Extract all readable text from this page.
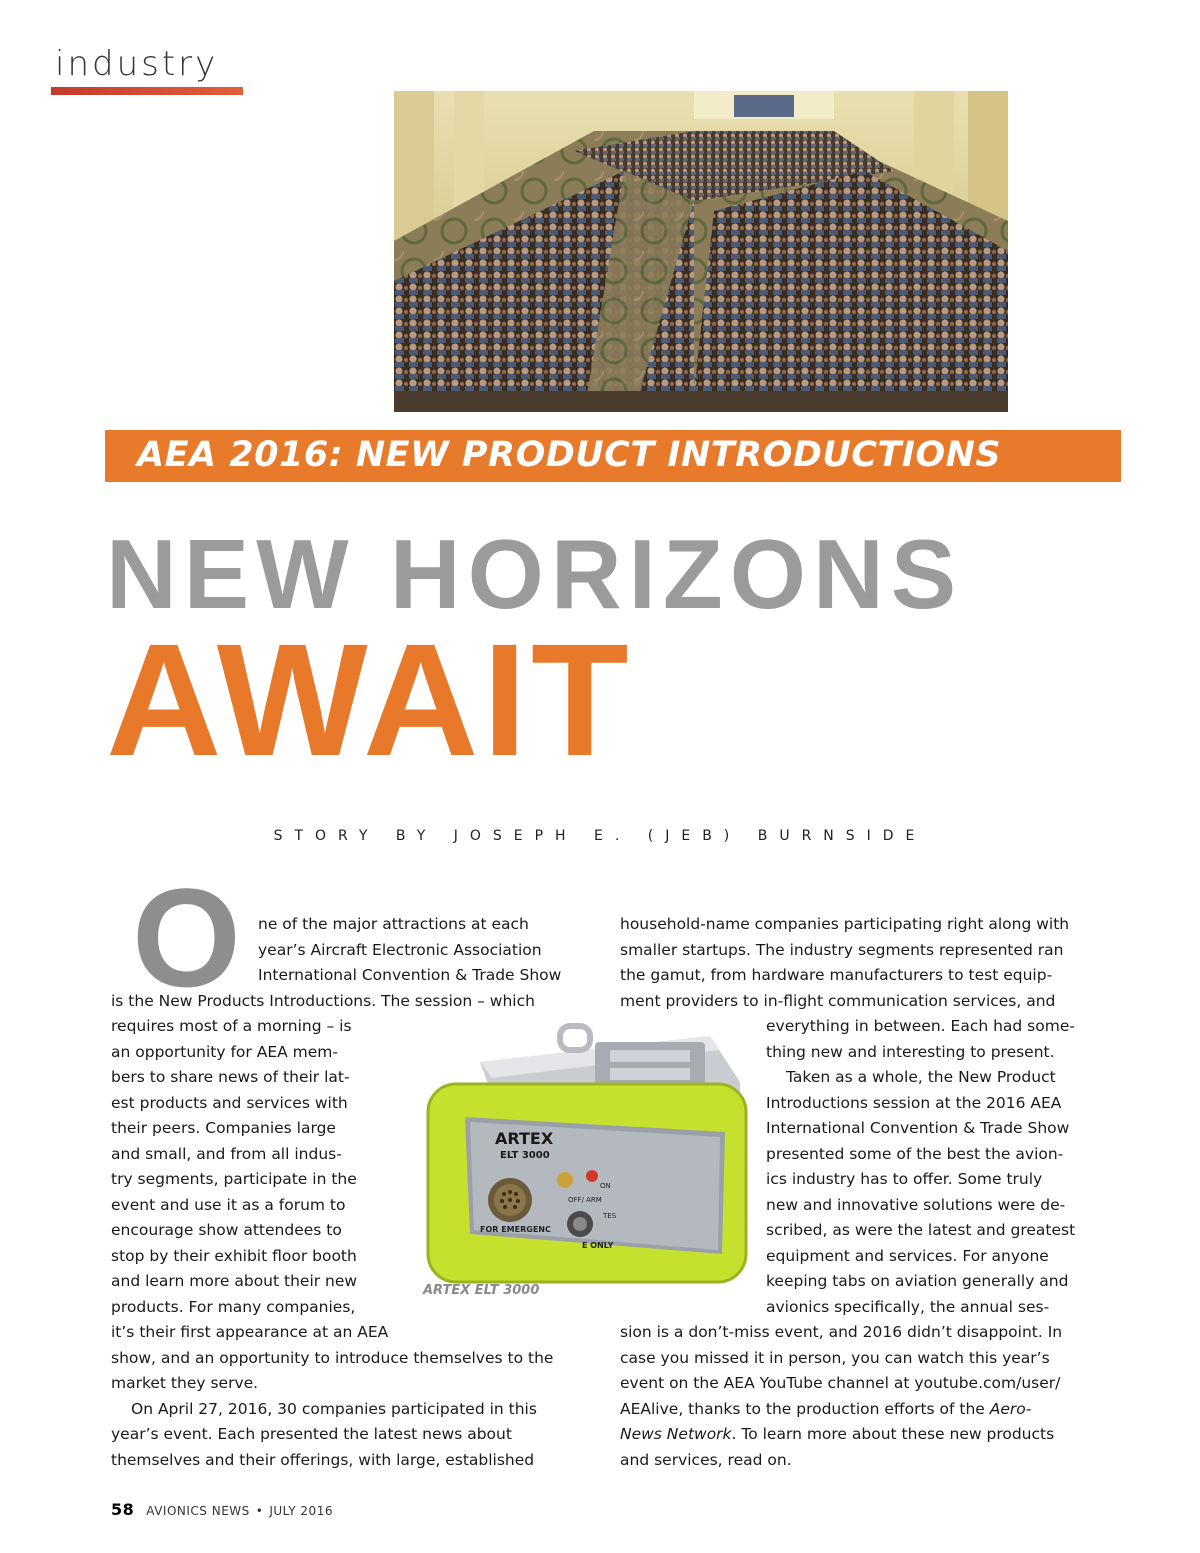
industry
AEA 2016: NEW PRODUCT INTRODUCTIONS
NEW HORIZONS
AWAIT
STORY BY JOSEPH E. (JEB) BURNSIDE
O ne of the major attractions at each
year’s Aircraft Electronic Association
International Convention & Trade Show
is the New Products Introductions. The session – which
requires most of a morning – is
an opportunity for AEA mem-
bers to share news of their lat-
est products and services with
their peers. Companies large
and small, and from all indus-
try segments, participate in the
event and use it as a forum to
encourage show attendees to
stop by their exhibit floor booth
and learn more about their new
products. For many companies,
it’s their first appearance at an AEA
show, and an opportunity to introduce themselves to the
market they serve.
On April 27, 2016, 30 companies participated in this
year’s event. Each presented the latest news about
themselves and their offerings, with large, established
household-name companies participating right along with
smaller startups. The industry segments represented ran
the gamut, from hardware manufacturers to test equip-
ment providers to in-flight communication services, and
everything in between. Each had some-
thing new and interesting to present.
Taken as a whole, the New Product
Introductions session at the 2016 AEA
International Convention & Trade Show
presented some of the best the avion-
ics industry has to offer. Some truly
new and innovative solutions were de-
scribed, as were the latest and greatest
equipment and services. For anyone
keeping tabs on aviation generally and
avionics specifically, the annual ses-
sion is a don’t-miss event, and 2016 didn’t disappoint. In
case you missed it in person, you can watch this year’s
event on the AEA YouTube channel at youtube.com/user/
AEAlive, thanks to the production efforts of the Aero-
News Network. To learn more about these new products
and services, read on.
ARTEX
ELT 3000
OFF/ ARM
ON
TES
FOR EMERGENC
E ONLY
ARTEX ELT 3000
58 AVIONICS NEWS • JULY 2016
